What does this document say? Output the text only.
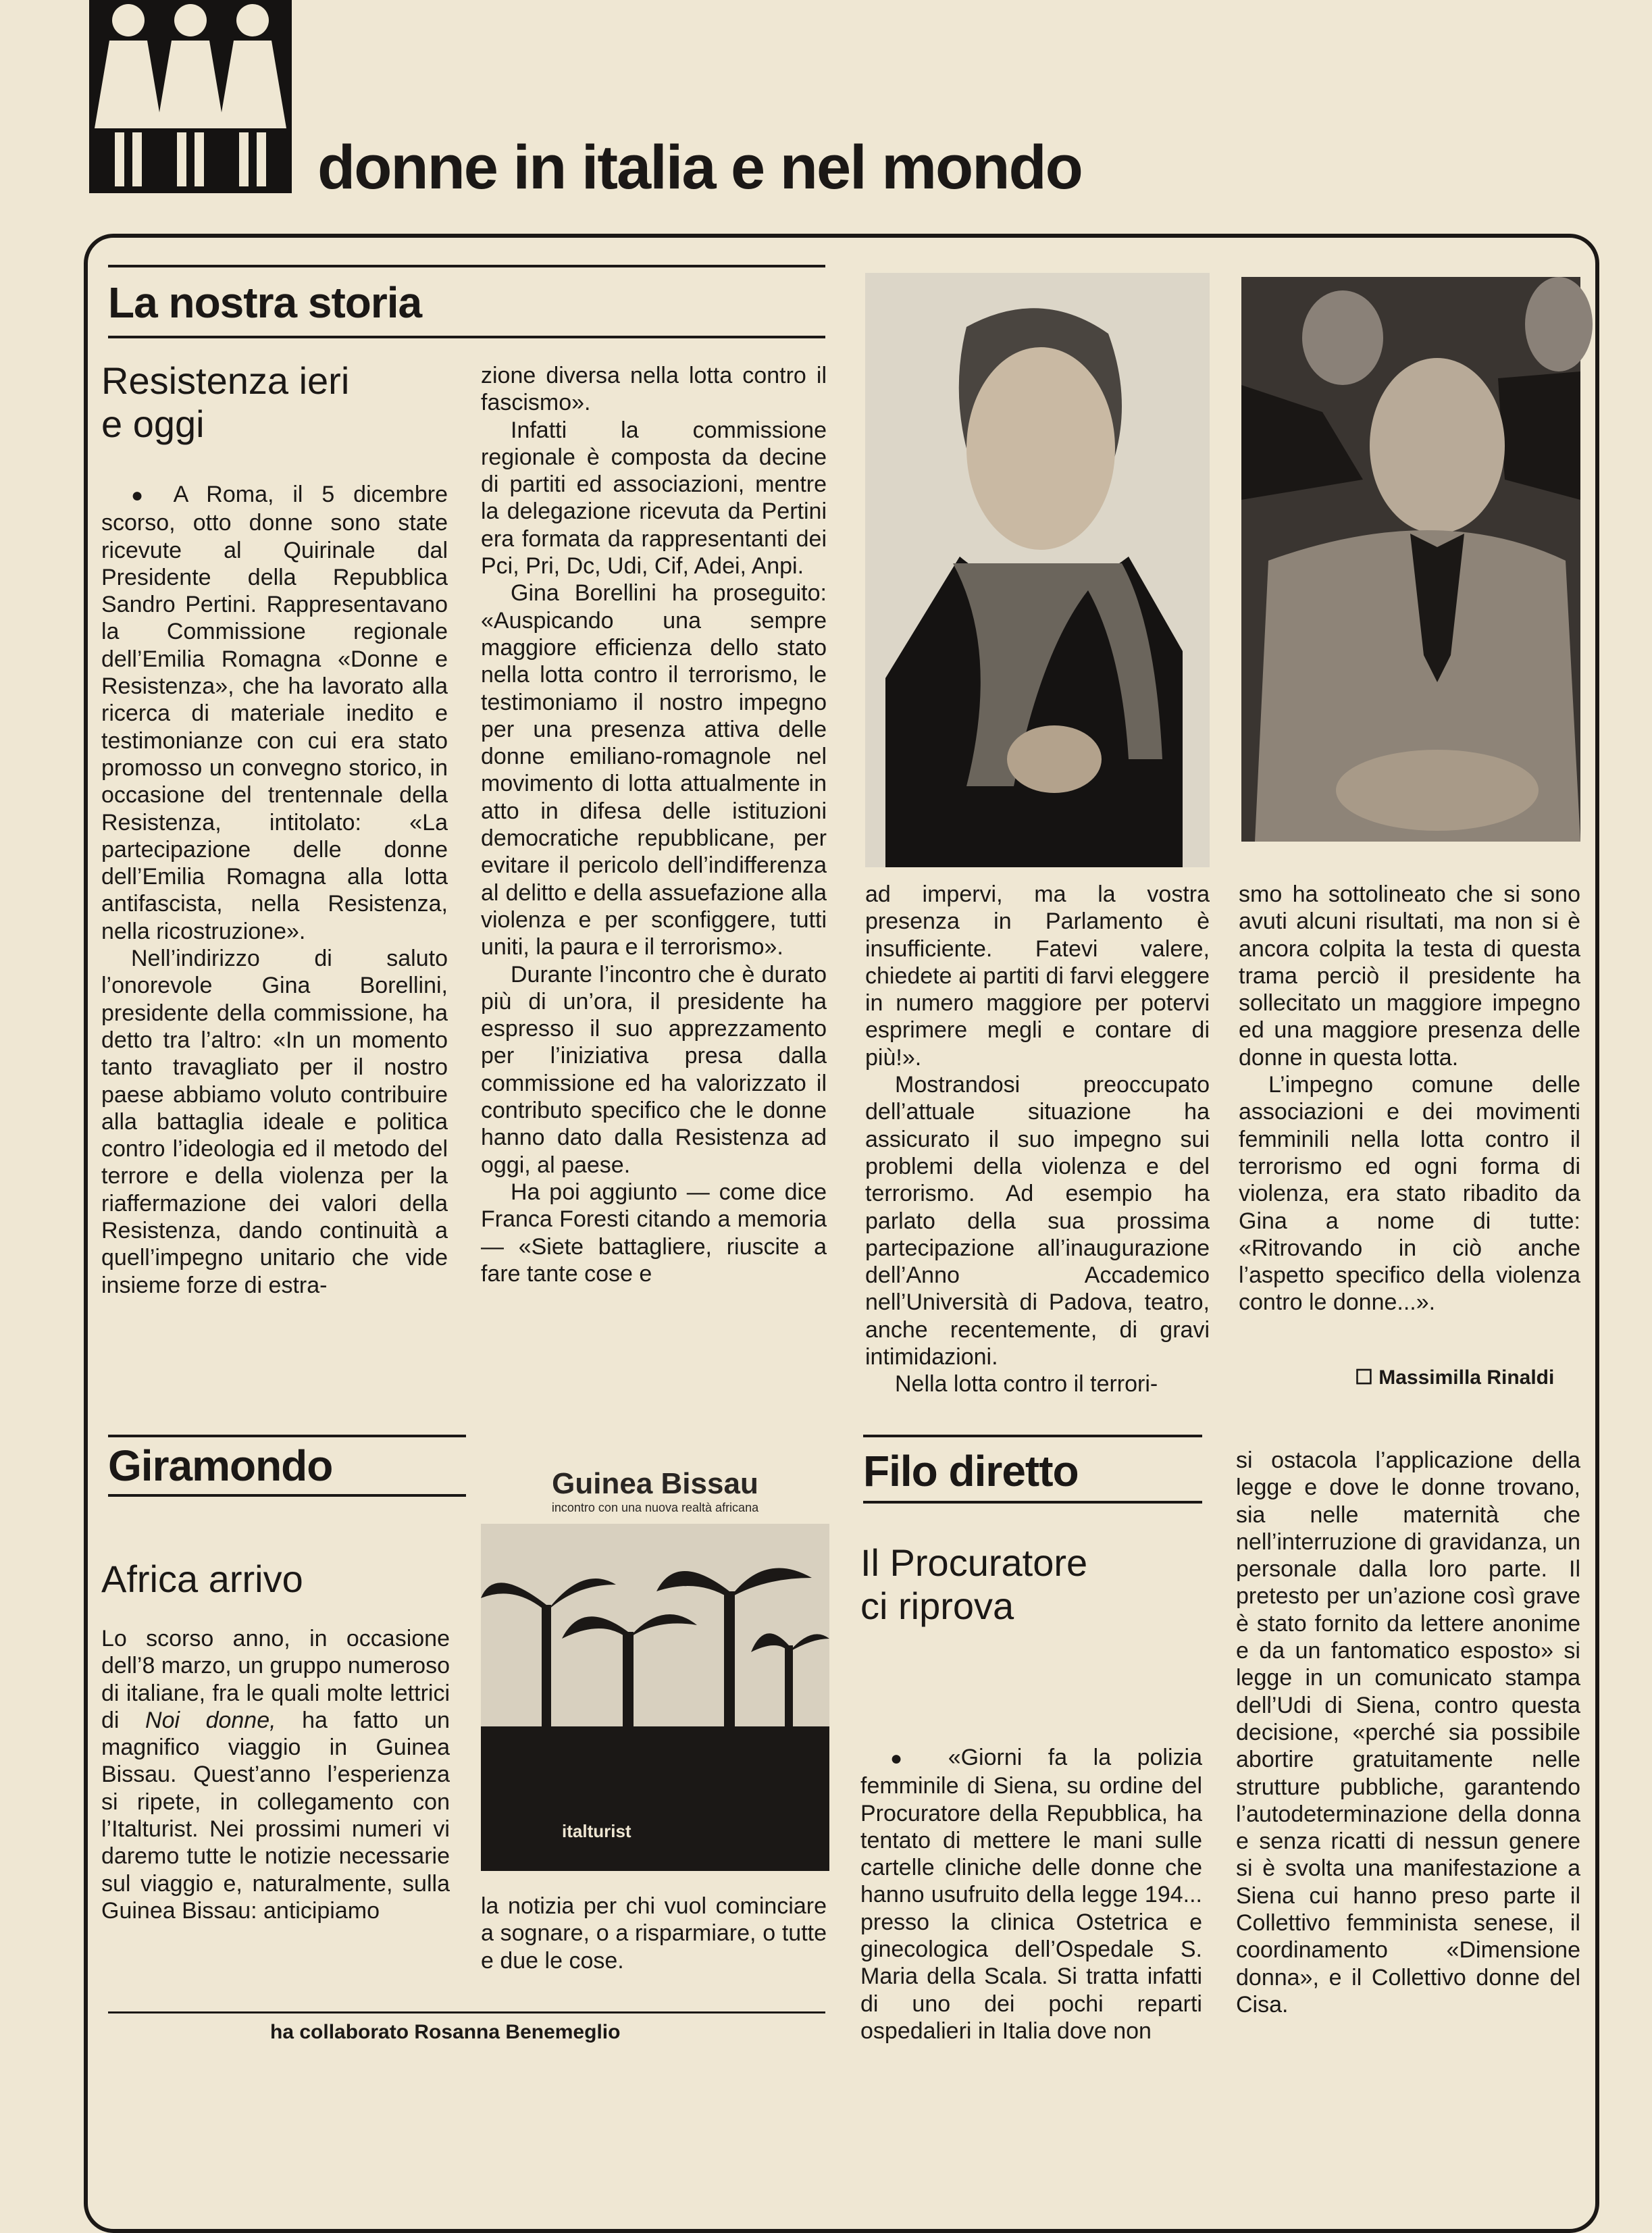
donne in italia e nel mondo
La nostra storia
Resistenza ieri
e oggi

● A Roma, il 5 dicembre scorso, otto donne sono state ricevute al Quirinale dal Presidente della Repubblica Sandro Pertini. Rappresentavano la Commissione regionale dell’Emilia Romagna «Donne e Resistenza», che ha lavorato alla ricerca di materiale inedito e testimonianze con cui era stato promosso un convegno storico, in occasione del trentennale della Resistenza, intitolato: «La partecipazione delle donne dell’Emilia Romagna alla lotta antifascista, nella Resistenza, nella ricostruzione».

Nell’indirizzo di saluto l’onorevole Gina Borellini, presidente della commissione, ha detto tra l’altro: «In un momento tanto travagliato per il nostro paese abbiamo voluto contribuire alla battaglia ideale e politica contro l’ideologia ed il metodo del terrore e della violenza per la riaffermazione dei valori della Resistenza, dando continuità a quell’impegno unitario che vide insieme forze di estra-

zione diversa nella lotta contro il fascismo».

Infatti la commissione regionale è composta da decine di partiti ed associazioni, mentre la delegazione ricevuta da Pertini era formata da rappresentanti dei Pci, Pri, Dc, Udi, Cif, Adei, Anpi.

Gina Borellini ha proseguito: «Auspicando una sempre maggiore efficienza dello stato nella lotta contro il terrorismo, le testimoniamo il nostro impegno per una presenza attiva delle donne emiliano-romagnole nel movimento di lotta attualmente in atto in difesa delle istituzioni democratiche repubblicane, per evitare il pericolo dell’indifferenza al delitto e della assuefazione alla violenza e per sconfiggere, tutti uniti, la paura e il terrorismo».

Durante l’incontro che è durato più di un’ora, il presidente ha espresso il suo apprezzamento per l’iniziativa presa dalla commissione ed ha valorizzato il contributo specifico che le donne hanno dato dalla Resistenza ad oggi, al paese.

Ha poi aggiunto — come dice Franca Foresti citando a memoria — «Siete battagliere, riuscite a fare tante cose e

ad impervi, ma la vostra presenza in Parlamento è insufficiente. Fatevi valere, chiedete ai partiti di farvi eleggere in numero maggiore per potervi esprimere megli e contare di più!».

Mostrandosi preoccupato dell’attuale situazione ha assicurato il suo impegno sui problemi della violenza e del terrorismo. Ad esempio ha parlato della sua prossima partecipazione all’inaugurazione dell’Anno Accademico nell’Università di Padova, teatro, anche recentemente, di gravi intimidazioni.

Nella lotta contro il terrori-

smo ha sottolineato che si sono avuti alcuni risultati, ma non si è ancora colpita la testa di questa trama perciò il presidente ha sollecitato un maggiore impegno ed una maggiore presenza delle donne in questa lotta.

L’impegno comune delle associazioni e dei movimenti femminili nella lotta contro il terrorismo ed ogni forma di violenza, era stato ribadito da Gina a nome di tutte: «Ritrovando in ciò anche l’aspetto specifico della violenza contro le donne...».

☐ Massimilla Rinaldi
Giramondo
Africa arrivo

Lo scorso anno, in occasione dell’8 marzo, un gruppo numeroso di italiane, fra le quali molte lettrici di Noi donne, ha fatto un magnifico viaggio in Guinea Bissau. Quest’anno l’esperienza si ripete, in collegamento con l’Italturist. Nei prossimi numeri vi daremo tutte le notizie necessarie sul viaggio e, naturalmente, sulla Guinea Bissau: anticipiamo

Guinea Bissau
incontro con una nuova realtà africana
italturist

la notizia per chi vuol cominciare a sognare, o a risparmiare, o tutte e due le cose.

ha collaborato Rosanna Benemeglio
Filo diretto
Il Procuratore
ci riprova

● «Giorni fa la polizia femminile di Siena, su ordine del Procuratore della Repubblica, ha tentato di mettere le mani sulle cartelle cliniche delle donne che hanno usufruito della legge 194... presso la clinica Ostetrica e ginecologica dell’Ospedale S. Maria della Scala. Si tratta infatti di uno dei pochi reparti ospedalieri in Italia dove non

si ostacola l’applicazione della legge e dove le donne trovano, sia nelle maternità che nell’interruzione di gravidanza, un personale dalla loro parte. Il pretesto per un’azione così grave è stato fornito da lettere anonime e da un fantomatico esposto» si legge in un comunicato stampa dell’Udi di Siena, contro questa decisione, «perché sia possibile abortire gratuitamente nelle strutture pubbliche, garantendo l’autodeterminazione della donna e senza ricatti di nessun genere si è svolta una manifestazione a Siena cui hanno preso parte il Collettivo femminista senese, il coordinamento «Dimensione donna», e il Collettivo donne del Cisa.
